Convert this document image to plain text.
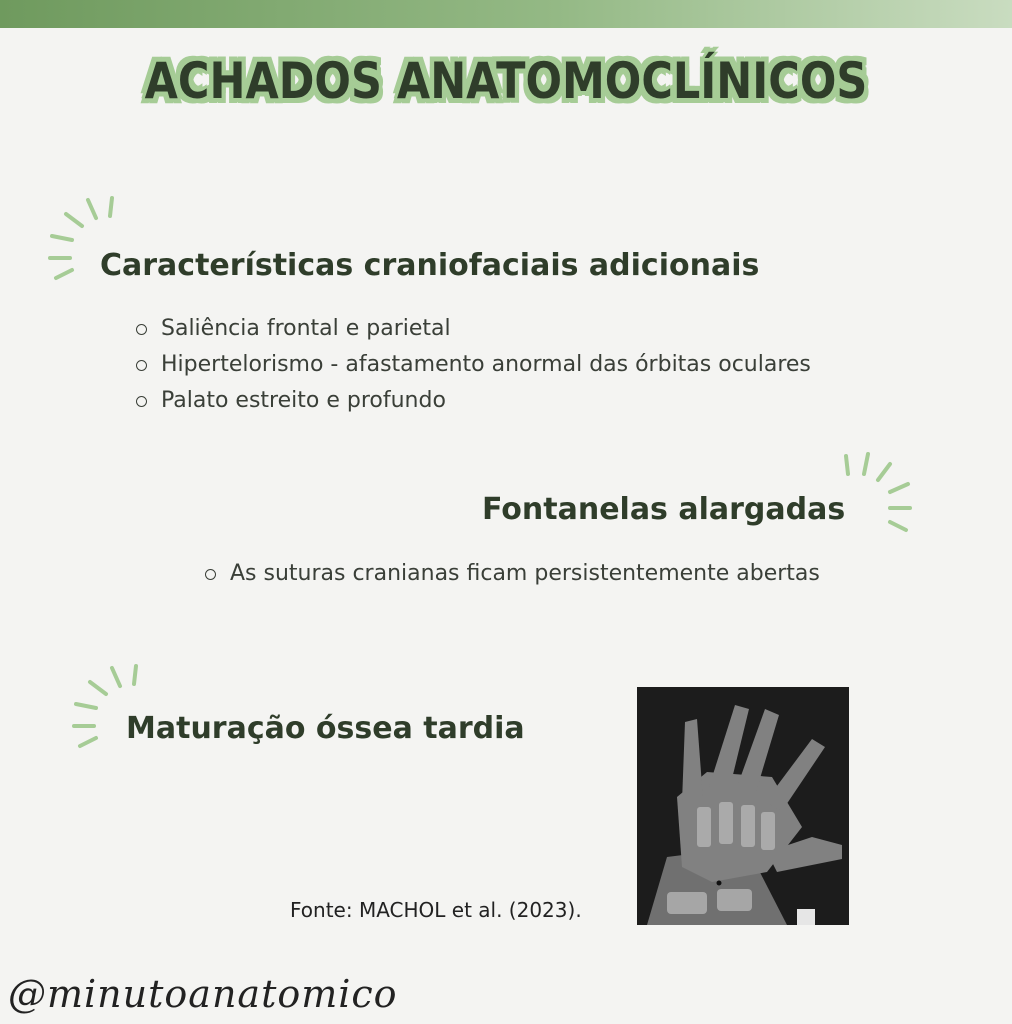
ACHADOS ANATOMOCLÍNICOS
Características craniofaciais adicionais
Saliência frontal e parietal
Hipertelorismo - afastamento anormal das órbitas oculares
Palato estreito e profundo
Fontanelas alargadas
As suturas cranianas ficam persistentemente abertas
Maturação óssea tardia
Fonte: MACHOL et al. (2023).
@minutoanatomico
